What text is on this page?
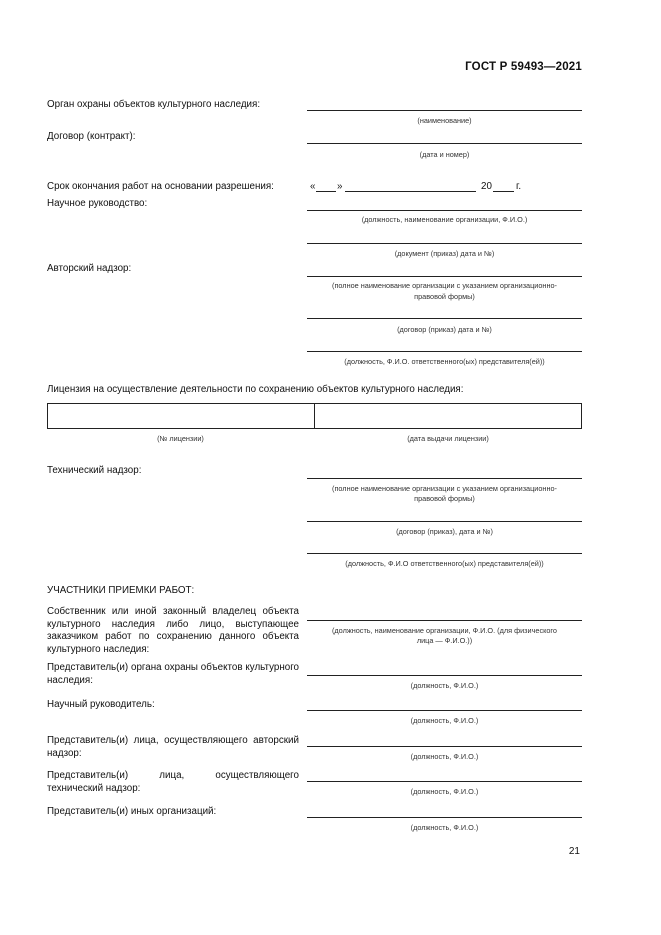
ГОСТ Р 59493—2021
Орган охраны объектов культурного наследия:
(наименование)
Договор (контракт):
(дата и номер)
Срок окончания работ на основании разрешения:	« »	20 г.
Научное руководство:
(должность, наименование организации, Ф.И.О.)
(документ (приказ) дата и №)
Авторский надзор:
(полное наименование организации с указанием организационно-
правовой формы)
(договор (приказ) дата и №)
(должность, Ф.И.О. ответственного(ых) представителя(ей))
Лицензия на осуществление деятельности по сохранению объектов культурного наследия:

(№ лицензии)	(дата выдачи лицензии)
Технический надзор:
(полное наименование организации с указанием организационно-
правовой формы)
(договор (приказ), дата и №)
(должность, Ф.И.О ответственного(ых) представителя(ей))
УЧАСТНИКИ ПРИЕМКИ РАБОТ:
Собственник или иной законный владелец объекта культурного наследия либо лицо, выступающее заказчиком работ по сохранению данного объекта культурного наследия:
(должность, наименование организации, Ф.И.О. (для физического
лица — Ф.И.О.))
Представитель(и) органа охраны объектов культурного наследия:	(должность, Ф.И.О.)
Научный руководитель:
(должность, Ф.И.О.)
Представитель(и) лица, осуществляющего авторский надзор:	(должность, Ф.И.О.)
Представитель(и) лица, осуществляющего технический надзор:	(должность, Ф.И.О.)
Представитель(и) иных организаций:
(должность, Ф.И.О.)
21
